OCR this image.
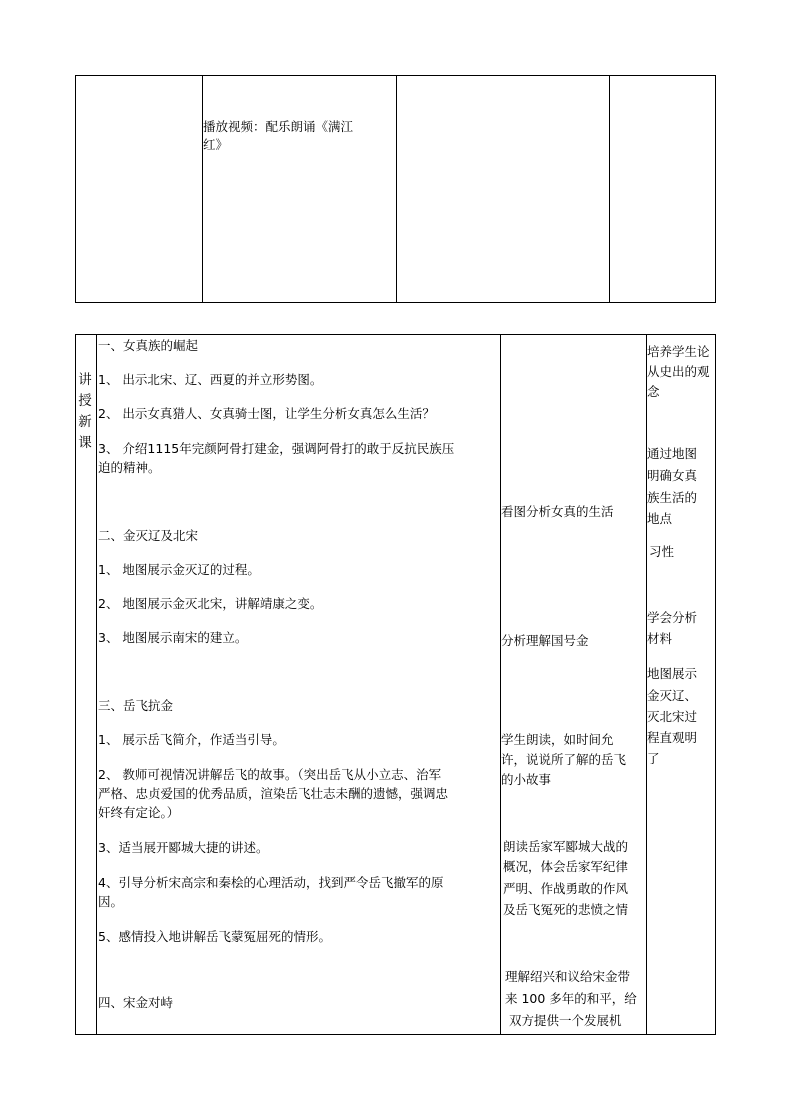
播放视频：配乐朗诵《满江
红》
讲授新课
一、女真族的崛起
1、 出示北宋、辽、西夏的并立形势图。
2、 出示女真猎人、女真骑士图，让学生分析女真怎么生活？
3、 介绍1115年完颜阿骨打建金，强调阿骨打的敢于反抗民族压
迫的精神。
二、金灭辽及北宋
1、 地图展示金灭辽的过程。
2、 地图展示金灭北宋，讲解靖康之变。
3、 地图展示南宋的建立。
三、岳飞抗金
1、 展示岳飞简介，作适当引导。
2、 教师可视情况讲解岳飞的故事。（突出岳飞从小立志、治军
严格、忠贞爱国的优秀品质，渲染岳飞壮志未酬的遗憾，强调忠
奸终有定论。）
3、适当展开郾城大捷的讲述。
4、引导分析宋高宗和秦桧的心理活动，找到严令岳飞撤军的原
因。
5、感情投入地讲解岳飞蒙冤屈死的情形。
四、宋金对峙
看图分析女真的生活
分析理解国号金
学生朗读，如时间允
许，说说所了解的岳飞
的小故事
朗读岳家军郾城大战的
概况，体会岳家军纪律
严明、作战勇敢的作风
及岳飞冤死的悲愤之情
理解绍兴和议给宋金带
来 100 多年的和平，给
双方提供一个发展机
培养学生论
从史出的观
念
通过地图
明确女真
族生活的
地点
习性
学会分析
材料
地图展示
金灭辽、
灭北宋过
程直观明
了
